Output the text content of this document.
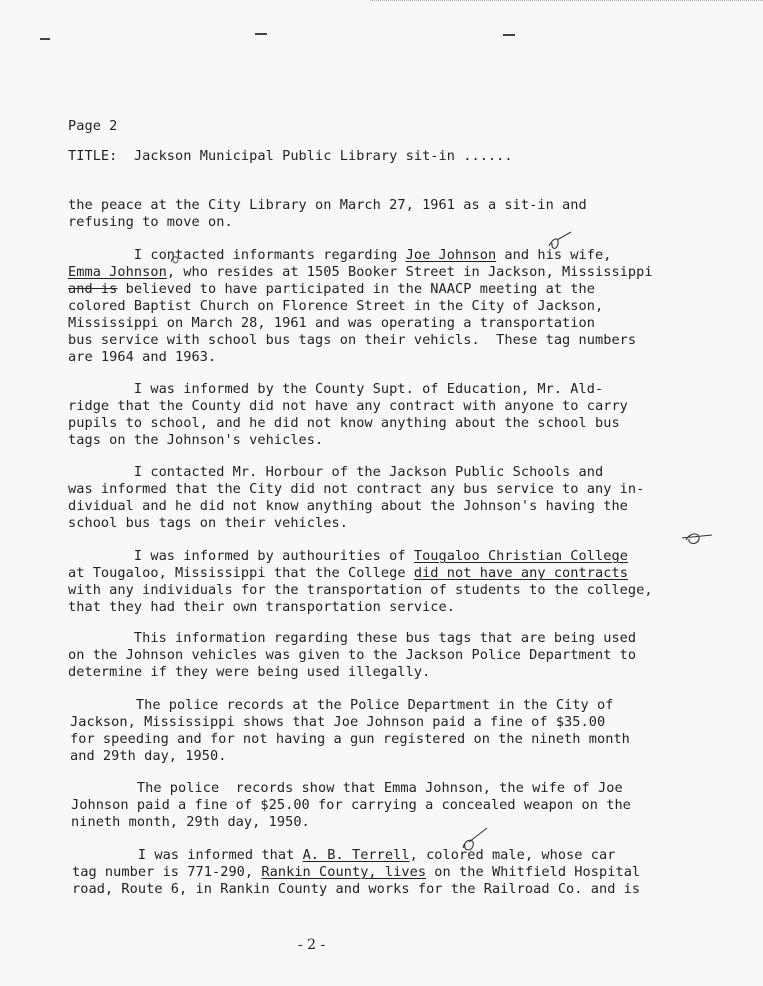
Page 2
TITLE: Jackson Municipal Public Library sit-in ......
the peace at the City Library on March 27, 1961 as a sit-in and
refusing to move on.
I contacted informants regarding Joe Johnson and his wife,
Emma Johnson, who resides at 1505 Booker Street in Jackson, Mississippi
and is believed to have participated in the NAACP meeting at the
colored Baptist Church on Florence Street in the City of Jackson,
Mississippi on March 28, 1961 and was operating a transportation
bus service with school bus tags on their vehicls.  These tag numbers
are 1964 and 1963.
I was informed by the County Supt. of Education, Mr. Ald-
ridge that the County did not have any contract with anyone to carry
pupils to school, and he did not know anything about the school bus
tags on the Johnson's vehicles.
I contacted Mr. Horbour of the Jackson Public Schools and
was informed that the City did not contract any bus service to any in-
dividual and he did not know anything about the Johnson's having the
school bus tags on their vehicles.
I was informed by authourities of Tougaloo Christian College
at Tougaloo, Mississippi that the College did not have any contracts
with any individuals for the transportation of students to the college,
that they had their own transportation service.
This information regarding these bus tags that are being used
on the Johnson vehicles was given to the Jackson Police Department to
determine if they were being used illegally.
The police records at the Police Department in the City of
Jackson, Mississippi shows that Joe Johnson paid a fine of $35.00
for speeding and for not having a gun registered on the nineth month
and 29th day, 1950.
The police  records show that Emma Johnson, the wife of Joe
Johnson paid a fine of $25.00 for carrying a concealed weapon on the
nineth month, 29th day, 1950.
I was informed that A. B. Terrell, colored male, whose car
tag number is 771-290, Rankin County, lives on the Whitfield Hospital
road, Route 6, in Rankin County and works for the Railroad Co. and is
- 2 -
